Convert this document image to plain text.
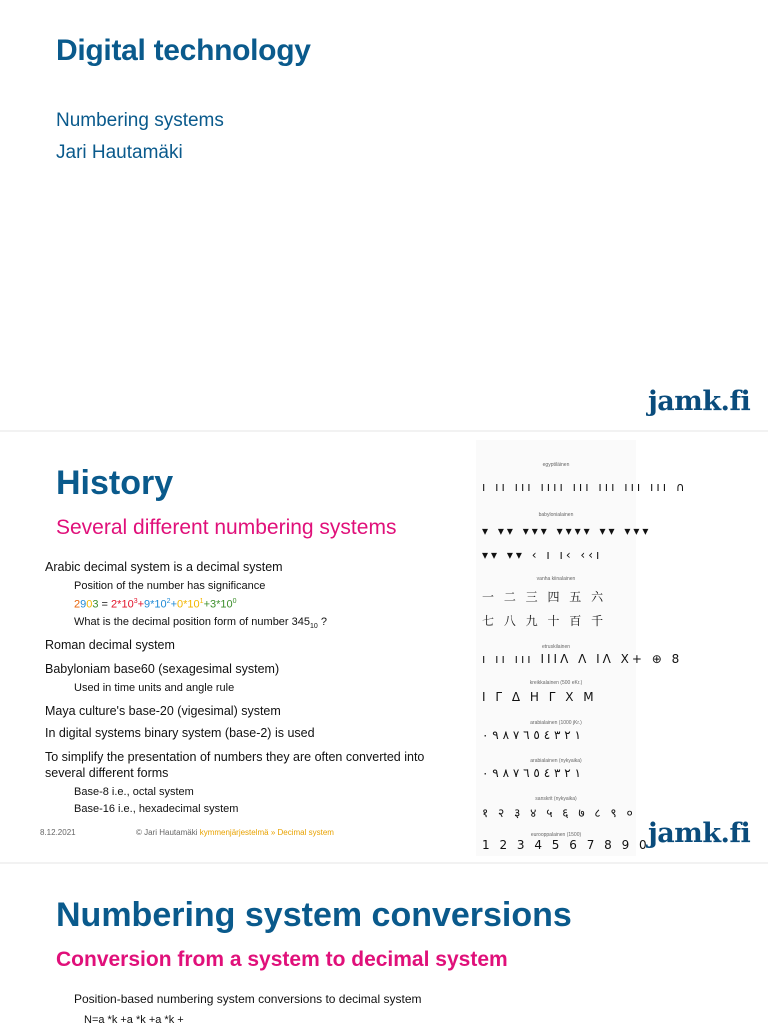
Digital technology
Numbering systems
Jari Hautamäki
jamk.fi
History
Several different numbering systems
Arabic decimal system is a decimal system
Position of the number has significance
$2903 = 2*10^3+9*10^2+0*10^1+3*10^0$
What is the decimal position form of number $345_{10}$ ?
Roman decimal system
Babyloniam base60 (sexagesimal system)
Used in time units and angle rule
Maya culture's base-20 (vigesimal) system
In digital systems binary system (base-2) is used
To simplify the presentation of numbers they are often converted into
several different forms
Base-8 i.e., octal system
Base-16 i.e., hexadecimal system
8.12.2021	© Jari Hautamäki kymmenjärjestelmä » Decimal system
egyptiläinen
ı ıı ııı ıııı ııı ııı ııı ııı ∩
babylonialainen
▾ ▾▾ ▾▾▾ ▾▾▾▾ ▾▾ ▾▾▾
▾▾ ▾▾ ‹ ı ı‹ ‹‹ı
vanha kiinalainen
一 二 三 四 五 六
七 八 九 十 百 千
etruskilainen
ı ıı ııı ΙΙΙΛ Λ ΙΛ Χ+ ⊕ 8
kreikkalainen (500 eKr.)
Ι Γ Δ Η Γ Χ Μ
arabialainen (1000 jKr.)
١ ٢ ٣ ٤ ٥ ٦ ٧ ٨ ٩ ٠
arabialainen (nykyaika)
١ ٢ ٣ ٤ ٥ ٦ ٧ ٨ ٩ ٠
sanskrit (nykyaika)
१ २ ३ ४ ५ ६ ७ ८ ९ ०
eurooppalainen (1500)
1 2 3 4 5 6 7 8 9 0
jamk.fi
Numbering system conversions
Conversion from a system to decimal system
Position-based numbering system conversions to decimal system
N=a *k +a *k +a *k +
